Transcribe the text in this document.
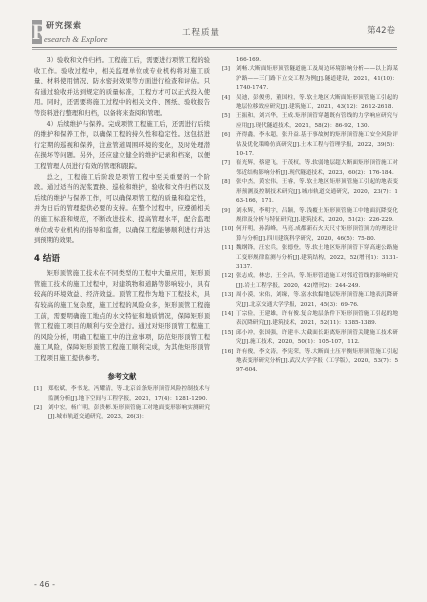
R
研究探索
esearch & Explore
工程质量	第42卷

3）验收和文件归档。工程施工后，需要进行项管工程的验收工作。验收过程中，相关监理单位或专业机构将对施工质量、材料使用情况、防水密封效果等方面进行检查和评估。只有通过验收并达到规定的质量标准，工程方才可以正式投入使用。同时，还需要将施工过程中的相关文件、图纸、验收报告等资料进行整理和归档，以备将来查阅和管理。

4）后续维护与保养。完成项管工程施工后，还需进行后续的维护和保养工作，以确保工程的持久性和稳定性。这包括进行定期的巡视和保养，注意管道周围环境的变化，及时处理潜在损坏等问题。另外，还应建立健全的维护记录和档案，以便工程管理人员进行有效的管理和跟踪。

总之，工程施工后阶段是项管工程中至关重要的一个阶段。通过适当的泥浆置换、巡检和维护，验收和文件归档以及后续的维护与保养工作，可以确保项管工程的质量和稳定性，并为日后的管理提供必要的支持。在整个过程中，应遵循相关的施工标准和规范，不断改进技术、提高管理水平，配合监理单位或专业机构的指导和监督，以确保工程能够顺利进行并达到预期的效果。

4 结语

矩形顶管施工技术在不同类型的工程中大量应用，矩形顶管施工技术的施工过程中，对建筑物和道路等影响较小，具有较高的环境效益、经济效益。顶管工程作为地下工程技术，具有较高的施工复杂度，施工过程的风险众多，矩形顶管工程施工前，需要明确施工地点的水文特征和地质情况，保障矩形顶管工程施工项目的顺利与安全进行。通过对矩形顶管工程施工的风险分析，明确工程施工中的注意事项，防范矩形顶管工程施工风险，保障矩形顶管工程施工顺利完成，为其他矩形顶管工程项目施工提供参考。

参考文献
[1]	郑松斌，李书龙，冯耀清，等.北京首条矩形顶管风险控制技术与监测分析[J].地下空间与工程学报，2021，17(4)：1281-1290.
[2]	刘中宏，杨广明，彭贵彬.矩形顶管施工对地面变形影响实测研究[J].城市轨道交通研究，2023，26(3)：
166-169.
[3]	刘畅.大断面矩形顶管隧道施工及周边环境影响分析——以上海某沪路——三门路下立交工程为例[J].隧道建设，2021，41(10)：1740-1747.
[4]	吴迪，彭俊勇，董国柱，等.软土地区大断面矩形顶管施工引起的地层位移效应研究[J].建筑施工，2021，43(12)：2612-2618.
[5]	王振和，刘兴华，王成.矩形顶管穿越既有管线的力学响应研究与应用[J].现代隧道技术，2021，58(2)：86-92，130.
[6]	齐得鑫，李永超，张升益.基于事故树的矩形顶管施工安全风险评估及优化策略仿真研究[J].土木工程与管理学报，2022，39(5)：10-17.
[7]	崔光辉，蔡建飞，于茂权，等.软弱地层超大断面矩形顶管施工对邻近结构影响分析[J].现代隧道技术，2023，60(2)：176-184.
[8]	张中杰，黄宏伟，王睿，等.软土地区矩形顶管施工引起的地表变形预测及控制技术研究[J].城市轨道交通研究，2020，23(7)：163-166，171.
[9]	刘永辉，李明宇，吕颖，等.浅覆土矩形顶管施工中地面沉降变化规律及分析与特征研究[J].建筑技术，2020，51(2)：226-229.
[10] 何开明，孙海峰，马亮.成都新石火天尺寸矩形顶管顶力的理论计算与分析[J].四川建筑科学研究，2020，46(5)：75-80.
[11] 魏纲锋，汪宏兵，张德登，等.软土地区矩形顶管下穿高速公路施工变形规律监测与分析[J].建筑结构，2022，52(增刊1)：3131-3137.
[12] 张志成，林忠，王全昌，等.矩形管道施工对邻近管线的影响研究[J].岩土工程学报，2020，42(增刊2)：244-249.
[13] 周小漠，宋佑，刘缘，等.富水软黏地层矩形顶管施工地表沉降研究[J].北京交通大学学报，2021，45(3)：69-76.
[14] 丁宗俭，王建雄，许有俊.复合地层条件下矩形顶管施工引起的地表沉降研究[J].建筑技术，2021，52(11)：1385-1389.
[15] 邱小冲，张国强，许建丰.大截面长距离矩形顶管关键施工技术研究[J].施工技术，2020，50(1)：105-107，112.
[16] 许有俊，李文涛，李宪荣，等.大断面土压平衡矩形顶管施工引起地表变形研究分析[J].武汉大学学报（工学版），2020，53(7)：597-604.
- 46 -
